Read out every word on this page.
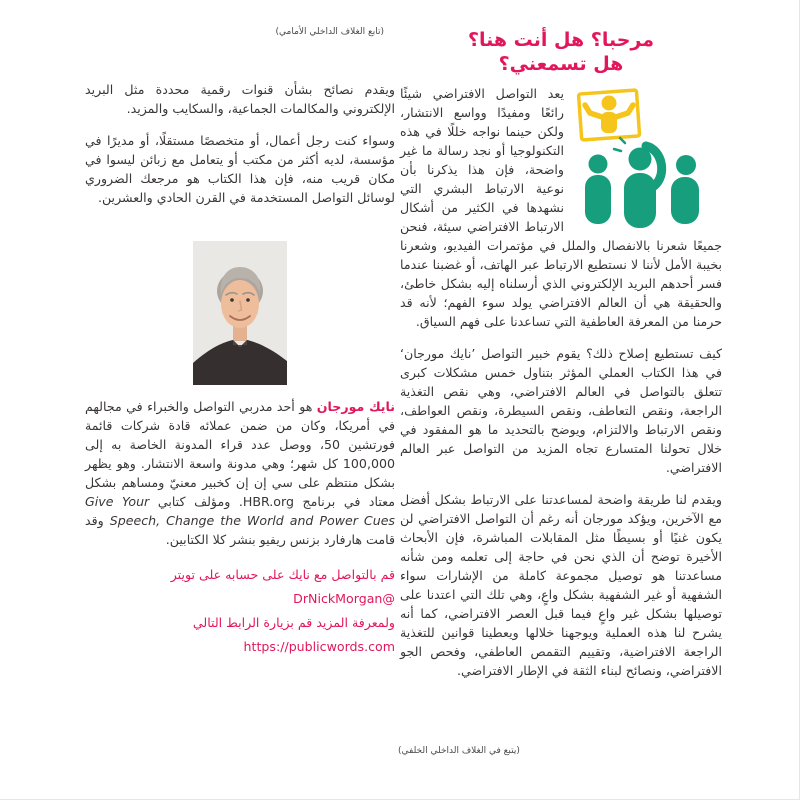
(تابع الغلاف الداخلي الأمامي)	مرحبا؟ هل أنت هنا؟
هل تسمعني؟

يعد التواصل الافتراضي شيئًا رائعًا ومفيدًا وواسع الانتشار، ولكن حينما نواجه خللًا في هذه التكنولوجيا أو نجد رسالة ما غير واضحة، فإن هذا يذكرنا بأن نوعية الارتباط البشري التي نشهدها في الكثير من أشكال الارتباط الافتراضي سيئة، فنحن جميعًا شعرنا بالانفصال والملل في مؤتمرات الفيديو، وشعرنا بخيبة الأمل لأننا لا نستطيع الارتباط عبر الهاتف، أو غضبنا عندما فسر أحدهم البريد الإلكتروني الذي أرسلناه إليه بشكل خاطئ، والحقيقة هي أن العالم الافتراضي يولد سوء الفهم؛ لأنه قد حرمنا من المعرفة العاطفية التي تساعدنا على فهم السياق.

كيف تستطيع إصلاح ذلك؟ يقوم خبير التواصل ’نايك مورجان‘ في هذا الكتاب العملي المؤثر بتناول خمس مشكلات كبرى تتعلق بالتواصل في العالم الافتراضي، وهي نقص التغذية الراجعة، ونقص التعاطف، ونقص السيطرة، ونقص العواطف، ونقص الارتباط والالتزام، ويوضح بالتحديد ما هو المفقود في خلال تحولنا المتسارع تجاه المزيد من التواصل عبر العالم الافتراضي.

ويقدم لنا طريقة واضحة لمساعدتنا على الارتباط بشكل أفضل مع الآخرين، ويؤكد مورجان أنه رغم أن التواصل الافتراضي لن يكون غنيًا أو بسيطًا مثل المقابلات المباشرة، فإن الأبحاث الأخيرة توضح أن الذي نحن في حاجة إلى تعلمه ومن شأنه مساعدتنا هو توصيل مجموعة كاملة من الإشارات سواء الشفهية أو غير الشفهية بشكل واعٍ، وهي تلك التي اعتدنا على توصيلها بشكل غير واعٍ فيما قبل العصر الافتراضي، كما أنه يشرح لنا هذه العملية ويوجهنا خلالها ويعطينا قوانين للتغذية الراجعة الافتراضية، وتقييم التقمص العاطفي، وفحص الجو الافتراضي، ونصائح لبناء الثقة في الإطار الافتراضي.

ويقدم نصائح بشأن قنوات رقمية محددة مثل البريد الإلكتروني والمكالمات الجماعية، والسكايب والمزيد.

وسواء كنت رجل أعمال، أو متخصصًا مستقلًا، أو مديرًا في مؤسسة، لديه أكثر من مكتب أو يتعامل مع زبائن ليسوا في مكان قريب منه، فإن هذا الكتاب هو مرجعك الضروري لوسائل التواصل المستخدمة في القرن الحادي والعشرين.

نايك مورجان هو أحد مدربي التواصل والخبراء في مجالهم في أمريكا، وكان من ضمن عملائه قادة شركات قائمة فورتشين 50، ووصل عدد قراء المدونة الخاصة به إلى 100,000 كل شهر؛ وهي مدونة واسعة الانتشار. وهو يظهر بشكل منتظم على سي إن إن كخبير معنيّ ومساهم بشكل معتاد في برنامج HBR.org. ومؤلف كتابي Give Your Speech, Change the World and Power Cues وقد قامت هارفارد بزنس ريفيو بنشر كلا الكتابين.

قم بالتواصل مع نايك على حسابه على تويتر
@DrNickMorgan
ولمعرفة المزيد قم بزيارة الرابط التالي
https://publicwords.com
(يتبع في الغلاف الداخلي الخلفي)
